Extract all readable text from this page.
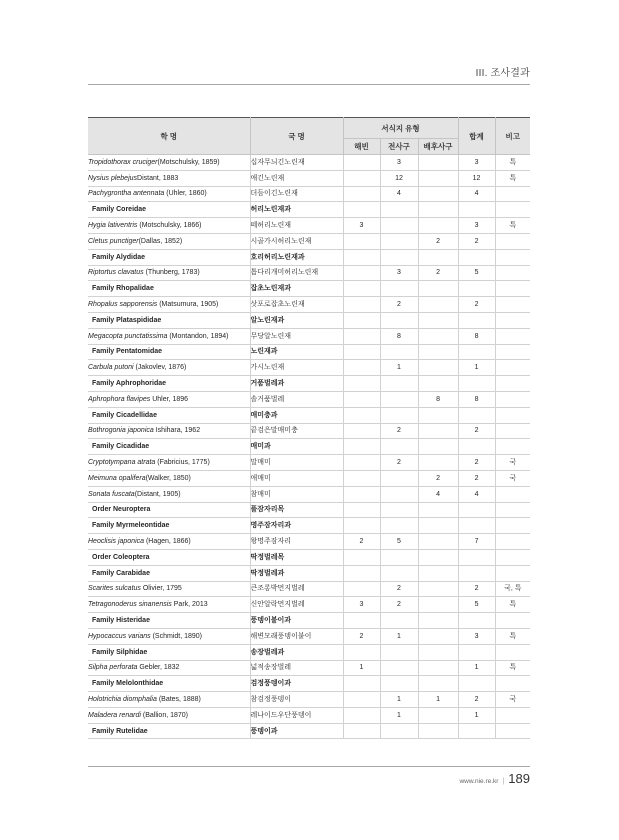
III. 조사결과
학 명	국 명	서식지 유형			합계	비고
		해빈	전사구	배후사구		
Tropidothorax cruciger(Motschulsky, 1859)	십자무늬긴노린재		3		3	특
Nysius plebejusDistant, 1883	애긴노린재		12		12	특
Pachygrontha antennata (Uhler, 1860)	더듬이긴노린재		4		4	
Family Coreidae	허리노린재과					
Hygia lativentris (Motschulsky, 1866)	떼허리노린재	3			3	특
Cletus punctiger(Dallas, 1852)	시골가시허리노린재			2	2	
Family Alydidae	호리허리노린재과					
Riptortus clavatus (Thunberg, 1783)	톱다리개미허리노린재		3	2	5	
Family Rhopalidae	잡초노린재과					
Rhopalus sapporensis (Matsumura, 1905)	삿포로잡초노린재		2		2	
Family Plataspididae	알노린재과					
Megacopta punctatissima (Montandon, 1894)	무당알노린재		8		8	
Family Pentatomidae	노린재과					
Carbula putoni (Jakovlev, 1876)	가시노린재		1		1	
Family Aphrophoridae	거품벌레과					
Aphrophora flavipes Uhler, 1896	솔거품벌레			8	8	
Family Cicadellidae	매미충과					
Bothrogonia japonica Ishihara, 1962	끝검은말매미충		2		2	
Family Cicadidae	매미과					
Cryptotympana atrata (Fabricius, 1775)	말매미		2		2	국
Meimuna opalifera(Walker, 1850)	애매미			2	2	국
Sonata fuscata(Distant, 1905)	참매미			4	4	
Order Neuroptera	풀잠자리목					
Family Myrmeleontidae	명주잠자리과					
Heoclisis japonica (Hagen, 1866)	왕명주잠자리	2	5		7	
Order Coleoptera	딱정벌레목					
Family Carabidae	딱정벌레과					
Scarites sulcatus Olivier, 1795	큰조롱박먼지벌레		2		2	국, 특
Tetragonoderus sinanensis Park, 2013	신안알락먼지벌레	3	2		5	특
Family Histeridae	풍뎅이붙이과					
Hypocaccus varians (Schmidt, 1890)	해변모래풍뎅이붙이	2	1		3	특
Family Silphidae	송장벌레과					
Silpha perforata Gebler, 1832	넓적송장벌레	1			1	특
Family Melolonthidae	검정풍뎅이과					
Holotrichia diomphalia (Bates, 1888)	참검정풍뎅이		1	1	2	국
Maladera renardi (Ballion, 1870)	레나이드우단풍뎅이		1		1	
Family Rutelidae	풍뎅이과					
www.nie.re.kr | 189
